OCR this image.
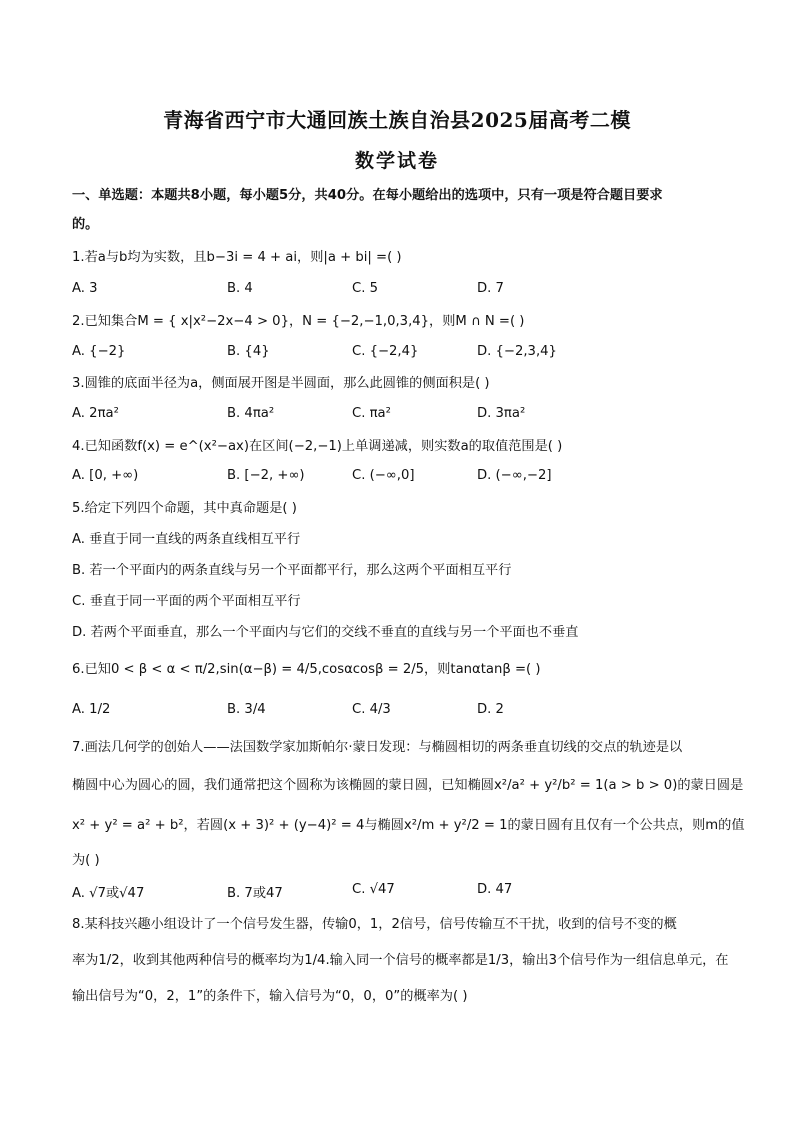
青海省西宁市大通回族土族自治县2025届高考二模
数学试卷
一、单选题：本题共8小题，每小题5分，共40分。在每小题给出的选项中，只有一项是符合题目要求
的。
1.若a与b均为实数，且b−3i = 4 + ai，则|a + bi| =( )
A. 3	B. 4	C. 5	D. 7
2.已知集合M = { x|x²−2x−4 > 0}，N = {−2,−1,0,3,4}，则M ∩ N =( )
A. {−2}	B. {4}	C. {−2,4}	D. {−2,3,4}
3.圆锥的底面半径为a，侧面展开图是半圆面，那么此圆锥的侧面积是( )
A. 2πa²	B. 4πa²	C. πa²	D. 3πa²
4.已知函数f(x) = e^(x²−ax)在区间(−2,−1)上单调递减，则实数a的取值范围是( )
A. [0, +∞)	B. [−2, +∞)	C. (−∞,0]	D. (−∞,−2]
5.给定下列四个命题，其中真命题是( )
A. 垂直于同一直线的两条直线相互平行
B. 若一个平面内的两条直线与另一个平面都平行，那么这两个平面相互平行
C. 垂直于同一平面的两个平面相互平行
D. 若两个平面垂直，那么一个平面内与它们的交线不垂直的直线与另一个平面也不垂直
6.已知0 < β < α < π/2,sin(α−β) = 4/5,cosαcosβ = 2/5，则tanαtanβ =( )
A. 1/2	B. 3/4	C. 4/3	D. 2
7.画法几何学的创始人——法国数学家加斯帕尔·蒙日发现：与椭圆相切的两条垂直切线的交点的轨迹是以
椭圆中心为圆心的圆，我们通常把这个圆称为该椭圆的蒙日圆，已知椭圆x²/a² + y²/b² = 1(a > b > 0)的蒙日圆是
x² + y² = a² + b²，若圆(x + 3)² + (y−4)² = 4与椭圆x²/m + y²/2 = 1的蒙日圆有且仅有一个公共点，则m的值
为( )
A. √7或√47	B. 7或47	C. √47	D. 47
8.某科技兴趣小组设计了一个信号发生器，传输0，1，2信号，信号传输互不干扰，收到的信号不变的概
率为1/2，收到其他两种信号的概率均为1/4.输入同一个信号的概率都是1/3，输出3个信号作为一组信息单元，在
输出信号为“0，2，1”的条件下，输入信号为“0，0，0”的概率为( )
